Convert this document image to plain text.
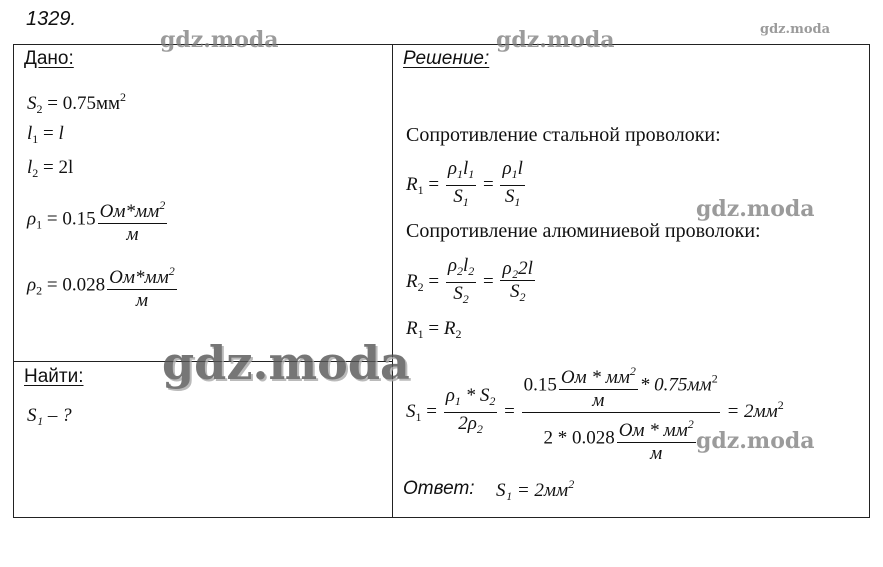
1329.
Дано:
$S_2 = 0.75мм^2$
$l_1 = l$
$l_2 = 2l$
$\rho_1 = 0.15 \frac{Ом*мм^2}{м}$
$\rho_2 = 0.028 \frac{Ом*мм^2}{м}$
Найти:
S₁ – ?
Решение:
Сопротивление стальной проволоки:
$R_1 = \frac{\rho_1l_1}{S_1} = \frac{\rho_1l}{S_1}$
Сопротивление алюминиевой проволоки:
$R_2 = \frac{\rho_2l_2}{S_2} = \frac{\text{ρ₂2l}}{S_2}$
$R_1 = R_2$
$S_1 = \frac{\rho_1 * S_2}{2\rho_2} = \frac{0.15 \frac{Ом * мм^2}{м} * 0.75мм^2}{2 * 0.028 \frac{Ом * мм^2}{м}} = 2мм^2$
Ответ: $S_1 = 2мм^2$
gdz.moda	gdz.moda	gdz.moda
gdz.moda
gdz.moda
gdz.moda
